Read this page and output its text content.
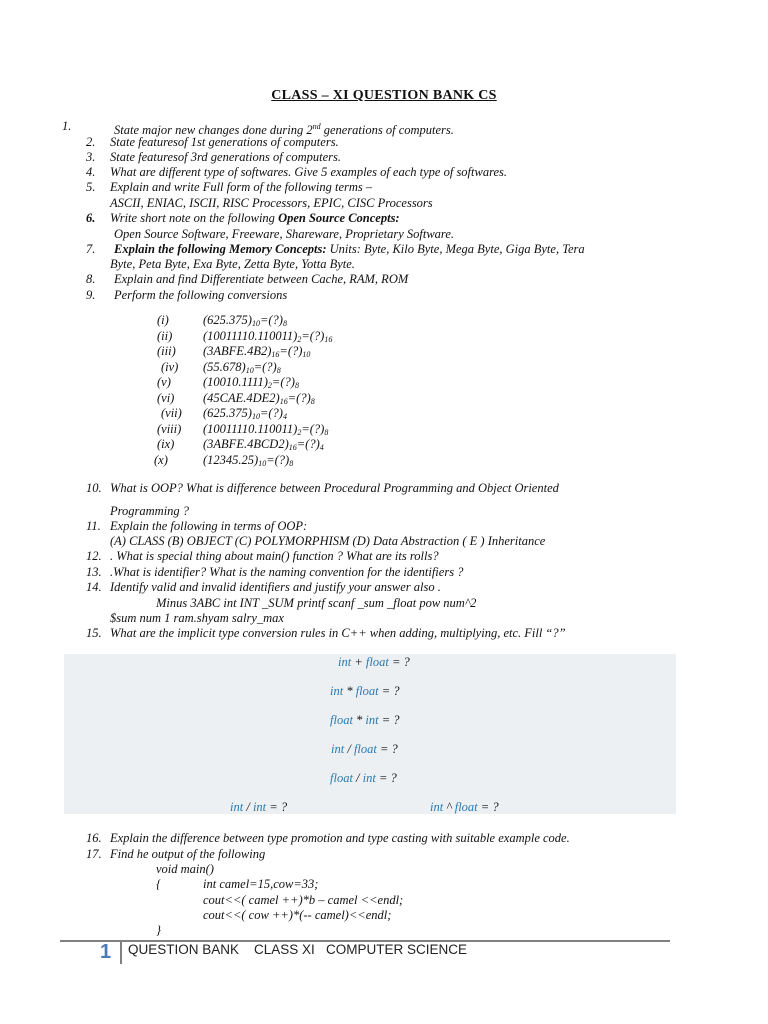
CLASS – XI QUESTION BANK CS
1.	State major new changes done during 2nd generations of computers.
2. State featuresof 1st generations of computers.
3. State featuresof 3rd generations of computers.
4. What are different type of softwares. Give 5 examples of each type of softwares.
5. Explain and write Full form of the following terms –
ASCII, ENIAC, ISCII, RISC Processors, EPIC, CISC Processors
6. Write short note on the following Open Source Concepts:
Open Source Software, Freeware, Shareware, Proprietary Software.
7. Explain the following Memory Concepts: Units: Byte, Kilo Byte, Mega Byte, Giga Byte, Tera
Byte, Peta Byte, Exa Byte, Zetta Byte, Yotta Byte.
8. Explain and find Differentiate between Cache, RAM, ROM
9. Perform the following conversions
(i)	$(625.375)_{10}=(?)_8$
(ii) $(10011110.110011)_2=(?)_{16}$
(iii) $(3ABFE.4B2)_{16}=(?)_{10}$
(iv) $(55.678)_{10}=(?)_8$
(v)	$(10010.1111)_2=(?)_8$
(vi) $(45CAE.4DE2)_{16}=(?)_8$
(vii) $(625.375)_{10}=(?)_4$
(viii) $(10011110.110011)_2=(?)_8$
(ix) $(3ABFE.4BCD2)_{16}=(?)_4$
(x)	$(12345.25)_{10}=(?)_8$
10. What is OOP? What is difference between Procedural Programming and Object Oriented
Programming ?
11. Explain the following in terms of OOP:
(A) CLASS (B) OBJECT (C) POLYMORPHISM (D) Data Abstraction ( E ) Inheritance
12. . What is special thing about main() function ? What are its rolls?
13. .What is identifier? What is the naming convention for the identifiers ?
14. Identify valid and invalid identifiers and justify your answer also .
Minus 3ABC int INT _SUM printf scanf _sum _float pow num^2
$sum num 1 ram.shyam salry_max
15. What are the implicit type conversion rules in C++ when adding, multiplying, etc. Fill “?”
int + float = ?
int * float = ?
float * int = ?
int / float = ?
float / int = ?
int / int = ?	int ^ float = ?
16. Explain the difference between type promotion and type casting with suitable example code.
17. Find he output of the following
void main()
{	int camel=15,cow=33;
cout<<( camel ++)*b – camel <<endl;
cout<<( cow ++)*(-- camel)<<endl;
}
1 QUESTION BANK    CLASS XI   COMPUTER SCIENCE
